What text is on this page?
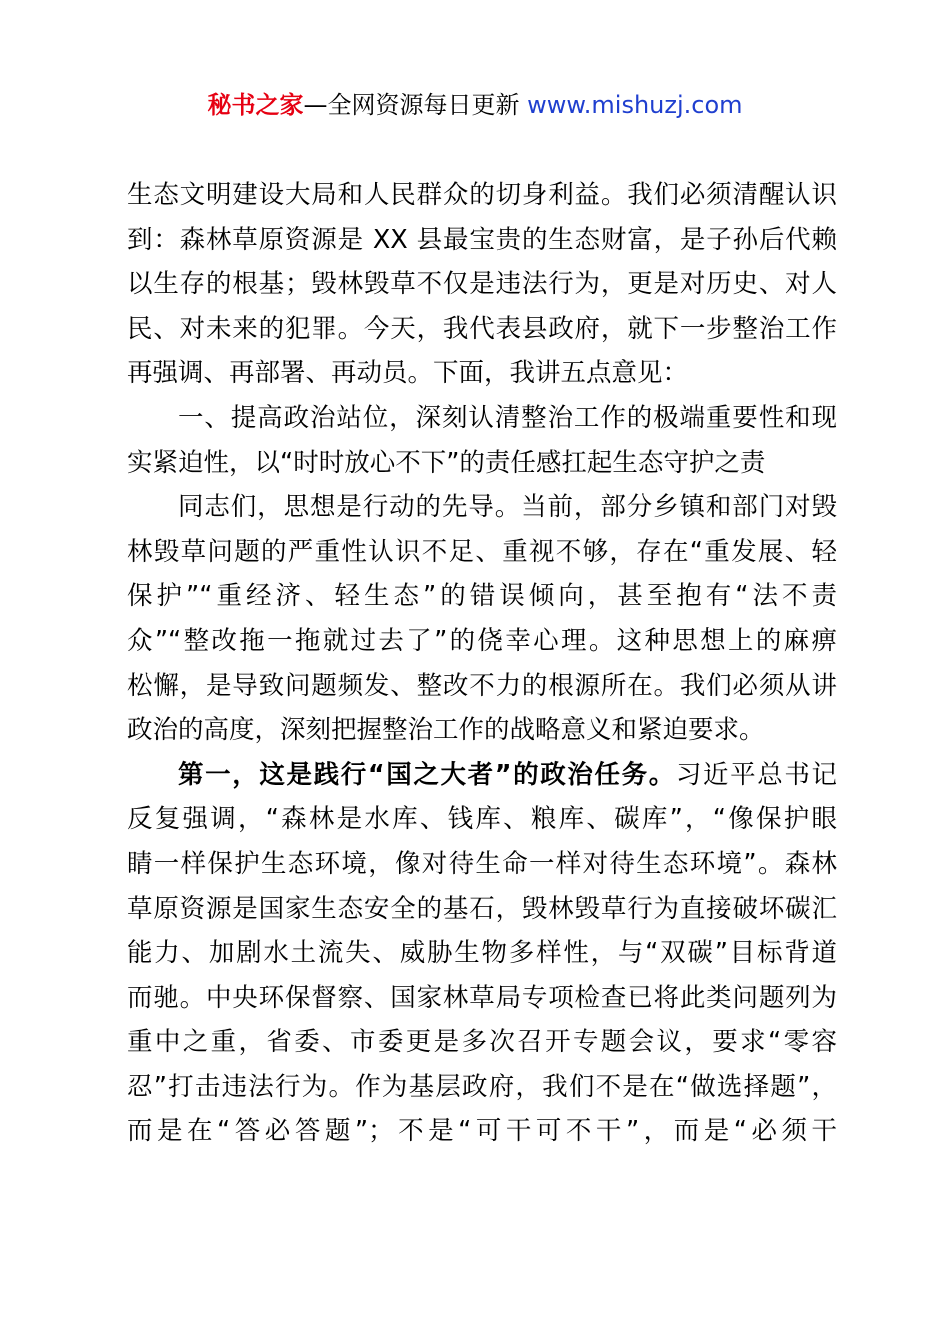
秘书之家—全网资源每日更新 www.mishuzj.com
生态文明建设大局和人民群众的切身利益。我们必须清醒认识
到：森林草原资源是 XX 县最宝贵的生态财富，是子孙后代赖
以生存的根基；毁林毁草不仅是违法行为，更是对历史、对人
民、对未来的犯罪。今天，我代表县政府，就下一步整治工作
再强调、再部署、再动员。下面，我讲五点意见：
一、提高政治站位，深刻认清整治工作的极端重要性和现
实紧迫性，以“时时放心不下”的责任感扛起生态守护之责
同志们，思想是行动的先导。当前，部分乡镇和部门对毁
林毁草问题的严重性认识不足、重视不够，存在“重发展、轻
保护”“重经济、轻生态”的错误倾向，甚至抱有“法不责
众”“整改拖一拖就过去了”的侥幸心理。这种思想上的麻痹
松懈，是导致问题频发、整改不力的根源所在。我们必须从讲
政治的高度，深刻把握整治工作的战略意义和紧迫要求。
第一，这是践行“国之大者”的政治任务。习近平总书记
反复强调，“森林是水库、钱库、粮库、碳库”，“像保护眼
睛一样保护生态环境，像对待生命一样对待生态环境”。森林
草原资源是国家生态安全的基石，毁林毁草行为直接破坏碳汇
能力、加剧水土流失、威胁生物多样性，与“双碳”目标背道
而驰。中央环保督察、国家林草局专项检查已将此类问题列为
重中之重，省委、市委更是多次召开专题会议，要求“零容
忍”打击违法行为。作为基层政府，我们不是在“做选择题”，
而是在“答必答题”；不是“可干可不干”，而是“必须干
